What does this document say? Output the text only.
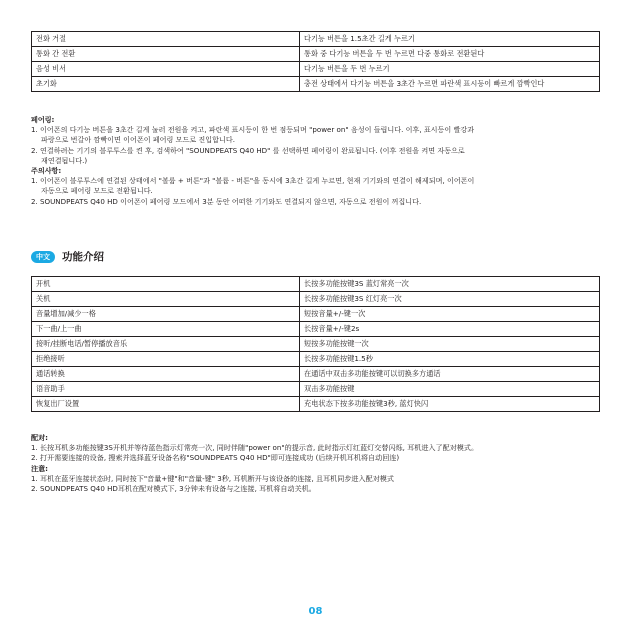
전화 거절	다기능 버튼을 1.5초간 길게 누르기
통화 간 전환	통화 중 다기능 버튼을 두 번 누르면 다중 통화로 전환된다
음성 비서	다기능 버튼을 두 번 누르기
초기화	충전 상태에서 다기능 버튼을 3초간 누르면 파란색 표시등이 빠르게 깜빡인다

페어링:

1. 이어폰의 다기능 버튼을 3초간 길게 눌러 전원을 켜고, 파란색 표시등이 한 번 점등되며 "power on" 음성이 들립니다. 이후, 표시등이 빨강과

파랑으로 번갈아 깜빡이면 이어폰이 페어링 모드로 진입합니다.

2. 연결하려는 기기의 블루투스를 켠 후, 검색하여 "SOUNDPEATS Q40 HD" 를 선택하면 페어링이 완료됩니다. (이후 전원을 켜면 자동으로

재연결됩니다.)

주의사항:

1. 이어폰이 블루투스에 연결된 상태에서 "볼륨 + 버튼"과 "볼륨 - 버튼"을 동시에 3초간 길게 누르면, 현재 기기와의 연결이 해제되며, 이어폰이

자동으로 페어링 모드로 전환됩니다.

2. SOUNDPEATS Q40 HD 이어폰이 페어링 모드에서 3분 동안 어떠한 기기와도 연결되지 않으면, 자동으로 전원이 꺼집니다.

中文	功能介绍
开机	长按多功能按键3S 蓝灯常亮一次
关机	长按多功能按键3S 红灯亮一次
音量增加/减少一格	短按音量+/-键一次
下一曲/上一曲	长按音量+/-键2s
接听/挂断电话/暂停播放音乐	短按多功能按键一次
拒绝接听	长按多功能按键1.5秒
通话转换	在通话中双击多功能按键可以切换多方通话
语音助手	双击多功能按键
恢复出厂设置	充电状态下按多功能按键3秒, 蓝灯快闪

配对:

1. 长按耳机多功能按键3S开机并等待蓝色指示灯常亮一次, 同时伴随"power on"的提示音, 此时指示灯红蓝灯交替闪烁, 耳机进入了配对模式。

2. 打开需要连接的设备, 搜索并选择蓝牙设备名称"SOUNDPEATS Q40 HD"即可连接成功 (后续开机耳机将自动回连)

注意:

1. 耳机在蓝牙连接状态时, 同时按下"音量+键"和"音量-键" 3秒, 耳机断开与该设备的连接, 且耳机同步进入配对模式

2. SOUNDPEATS Q40 HD耳机在配对模式下, 3分钟未有设备与之连接, 耳机将自动关机。

08
